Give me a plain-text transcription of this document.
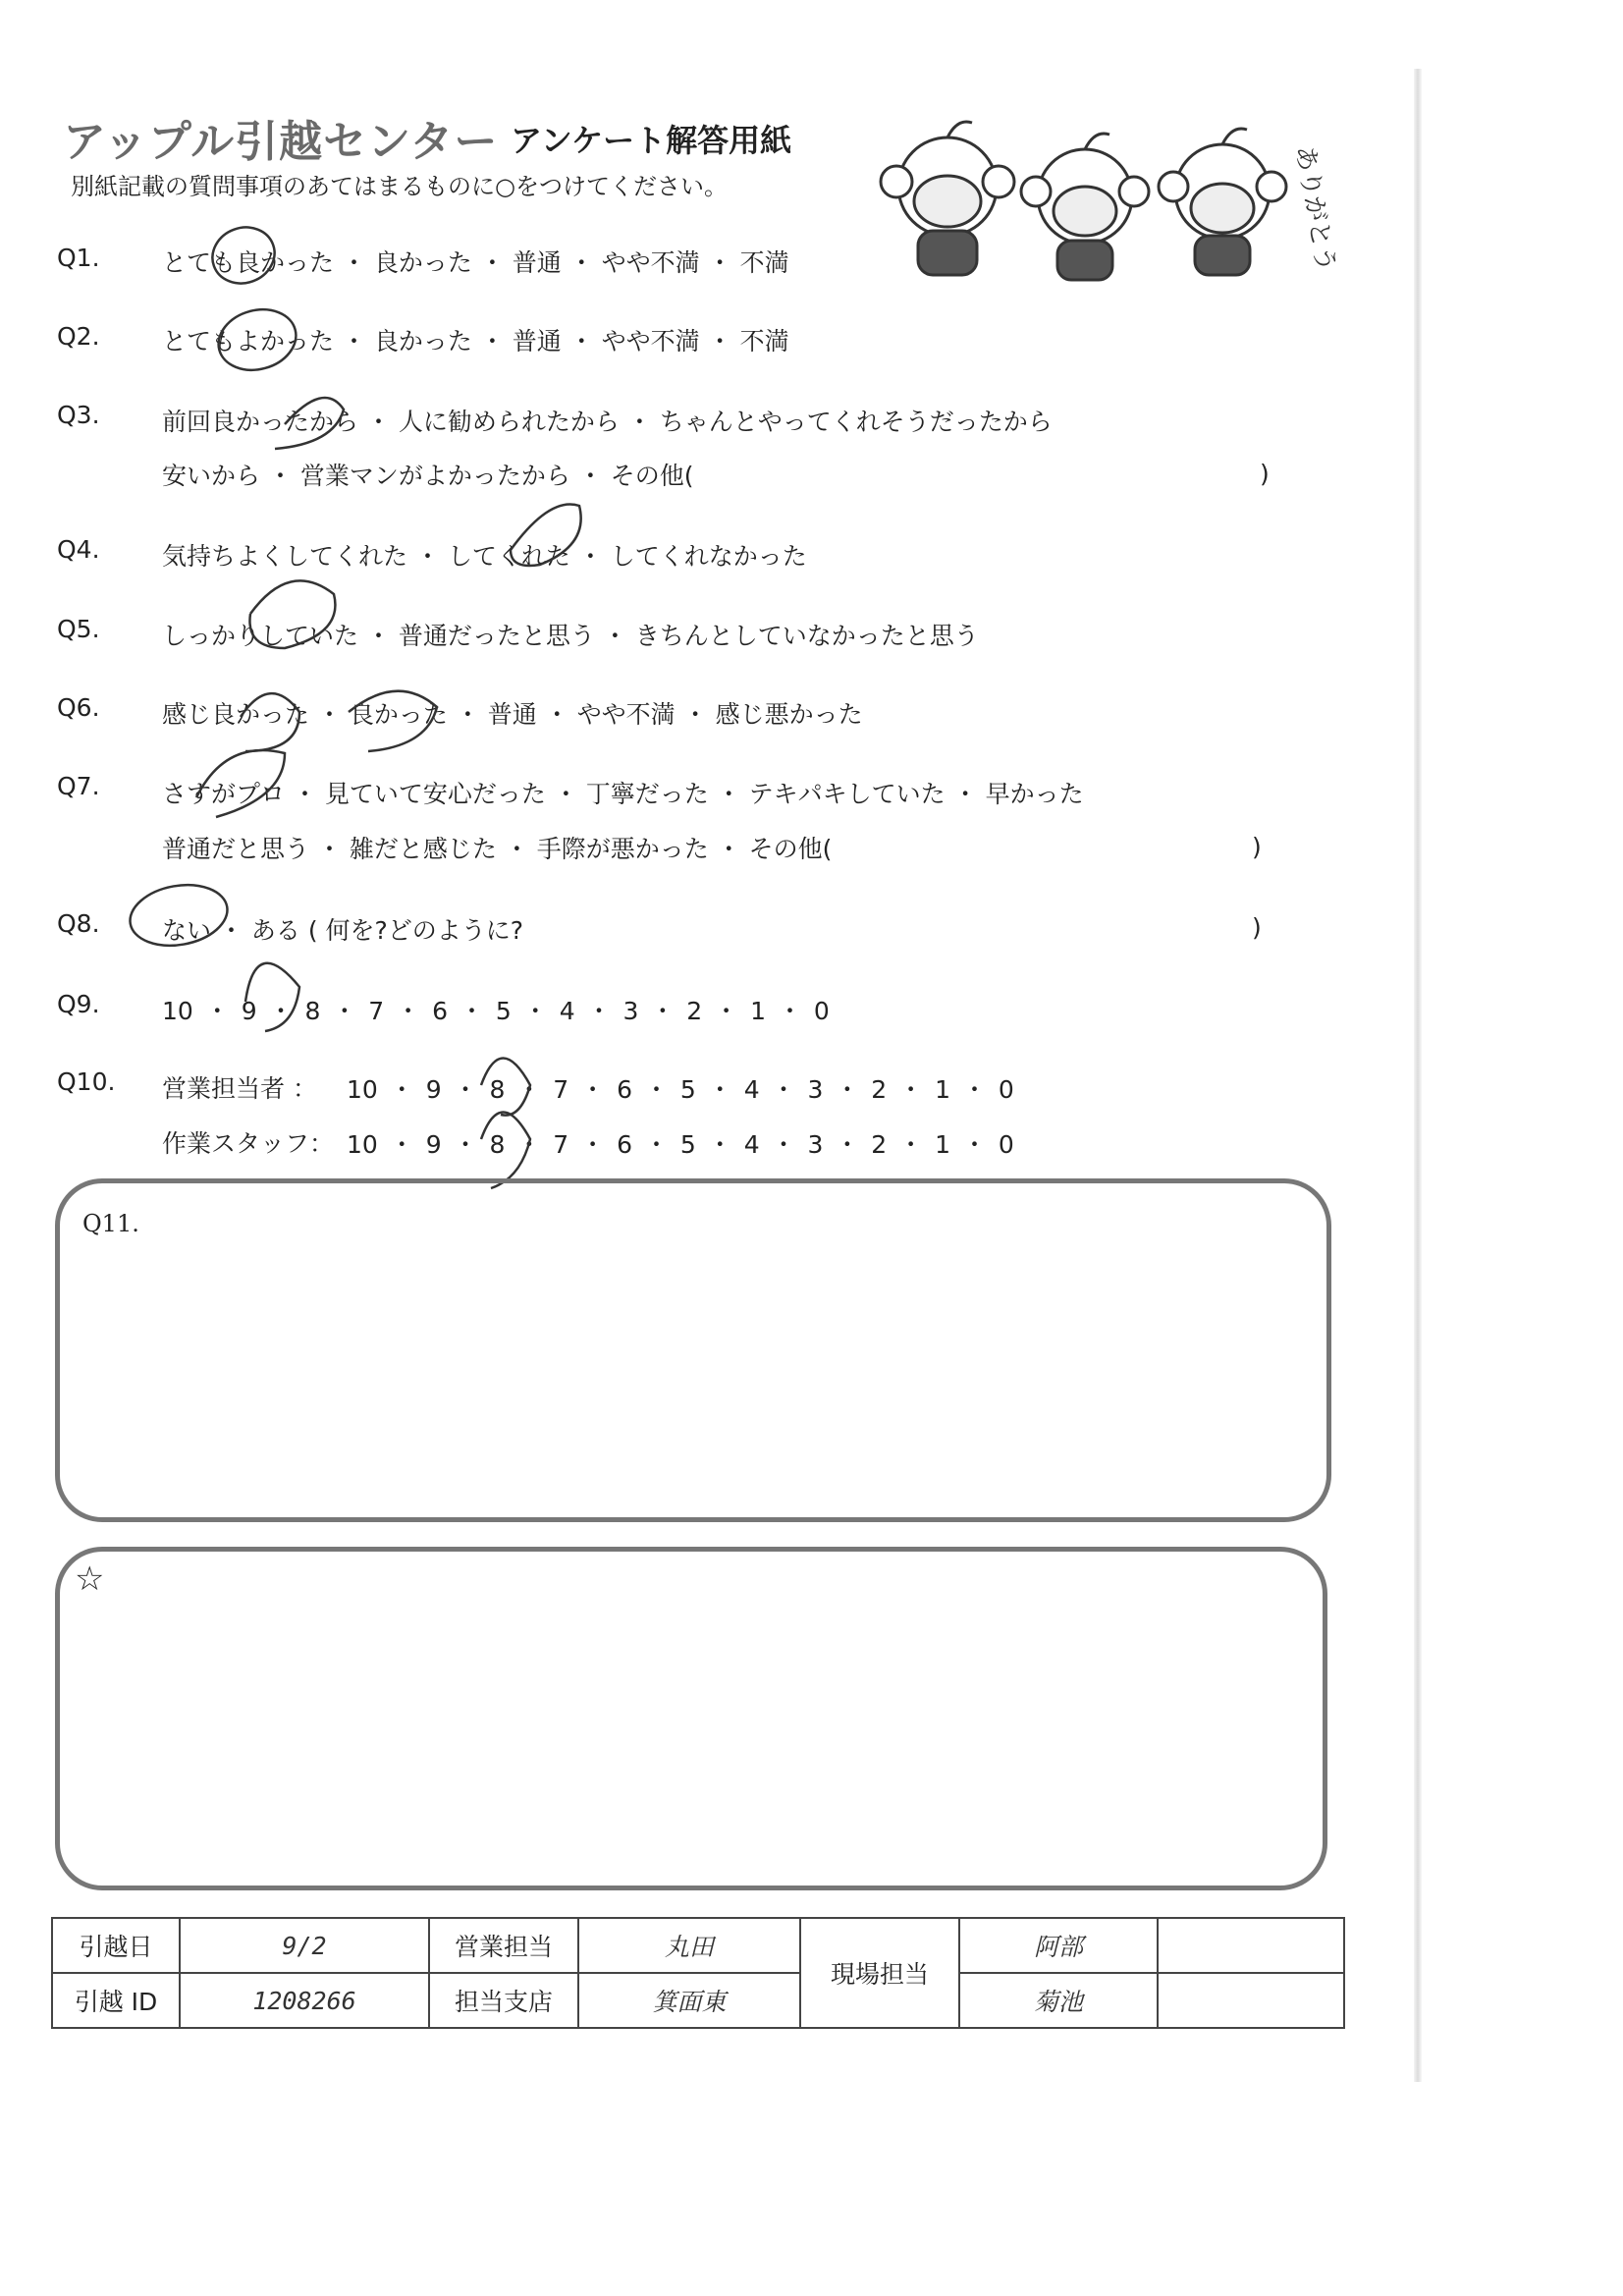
アップル引越センター アンケート解答用紙
別紙記載の質問事項のあてはまるものに○をつけてください。	ありがとう
Q1.	とても良かった ・ 良かった ・ 普通 ・ やや不満 ・ 不満
Q2.	とてもよかった ・ 良かった ・ 普通 ・ やや不満 ・ 不満
Q3.	前回良かったから ・ 人に勧められたから ・ ちゃんとやってくれそうだったから
安いから ・ 営業マンがよかったから ・ その他(	)
Q4.	気持ちよくしてくれた ・ してくれた ・ してくれなかった
Q5.	しっかりしていた ・ 普通だったと思う ・ きちんとしていなかったと思う
Q6.	感じ良かった ・ 良かった ・ 普通 ・ やや不満 ・ 感じ悪かった
Q7.	さすがプロ ・ 見ていて安心だった ・ 丁寧だった ・ テキパキしていた ・ 早かった
普通だと思う ・ 雑だと感じた ・ 手際が悪かった ・ その他(	)
Q8.	ない ・ ある ( 何を?どのように?	)
Q9.	10 ・ 9 ・ 8 ・ 7 ・ 6 ・ 5 ・ 4 ・ 3 ・ 2 ・ 1 ・ 0
Q10. 営業担当者 ： 10 ・ 9 ・ 8 ・ 7 ・ 6 ・ 5 ・ 4 ・ 3 ・ 2 ・ 1 ・ 0
作業スタッフ： 10 ・ 9 ・ 8 ・ 7 ・ 6 ・ 5 ・ 4 ・ 3 ・ 2 ・ 1 ・ 0
Q11.
☆
引越日	9/2	営業担当	丸田	現場担当	阿部	
引越 ID	1208266	担当支店	箕面東		菊池	
